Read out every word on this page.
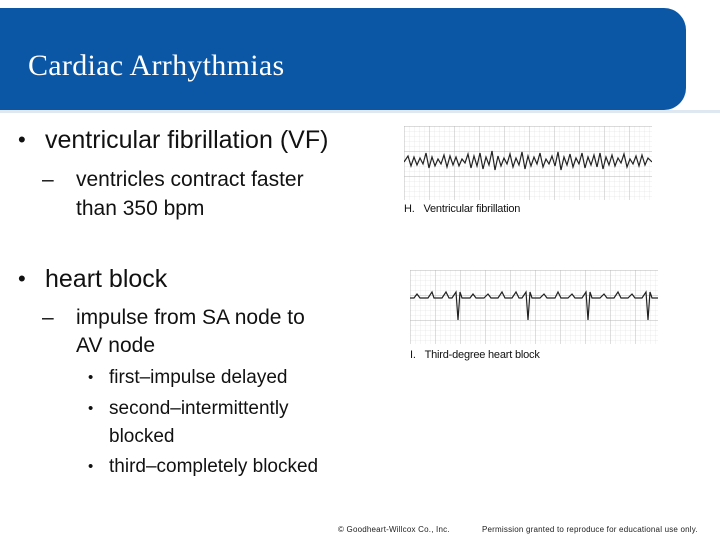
Cardiac Arrhythmias
• ventricular fibrillation (VF)
– ventricles contract faster
than 350 bpm
• heart block
– impulse from SA node to
AV node
• first–impulse delayed
• second–intermittently
blocked
• third–completely blocked
H. Ventricular fibrillation
I. Third-degree heart block
© Goodheart-Willcox Co., Inc.	Permission granted to reproduce for educational use only.
